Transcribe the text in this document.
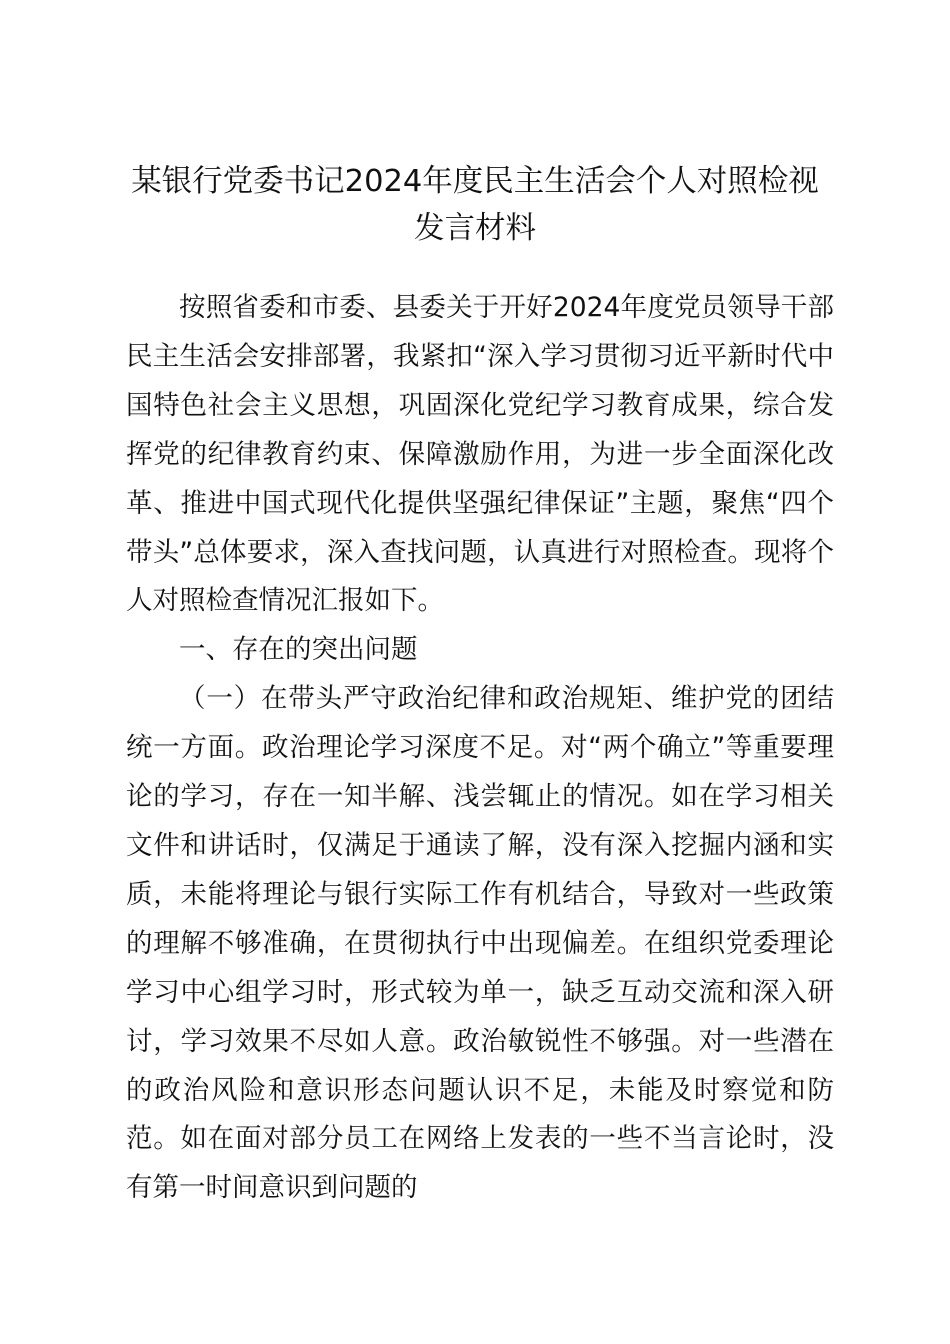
某银行党委书记2024年度民主生活会个人对照检视发言材料

按照省委和市委、县委关于开好2024年度党员领导干部民主生活会安排部署，我紧扣“深入学习贯彻习近平新时代中国特色社会主义思想，巩固深化党纪学习教育成果，综合发挥党的纪律教育约束、保障激励作用，为进一步全面深化改革、推进中国式现代化提供坚强纪律保证”主题，聚焦“四个带头”总体要求，深入查找问题，认真进行对照检查。现将个人对照检查情况汇报如下。

一、存在的突出问题

（一）在带头严守政治纪律和政治规矩、维护党的团结统一方面。政治理论学习深度不足。对“两个确立”等重要理论的学习，存在一知半解、浅尝辄止的情况。如在学习相关文件和讲话时，仅满足于通读了解，没有深入挖掘内涵和实质，未能将理论与银行实际工作有机结合，导致对一些政策的理解不够准确，在贯彻执行中出现偏差。在组织党委理论学习中心组学习时，形式较为单一，缺乏互动交流和深入研讨，学习效果不尽如人意。政治敏锐性不够强。对一些潜在的政治风险和意识形态问题认识不足，未能及时察觉和防范。如在面对部分员工在网络上发表的一些不当言论时，没有第一时间意识到问题的
